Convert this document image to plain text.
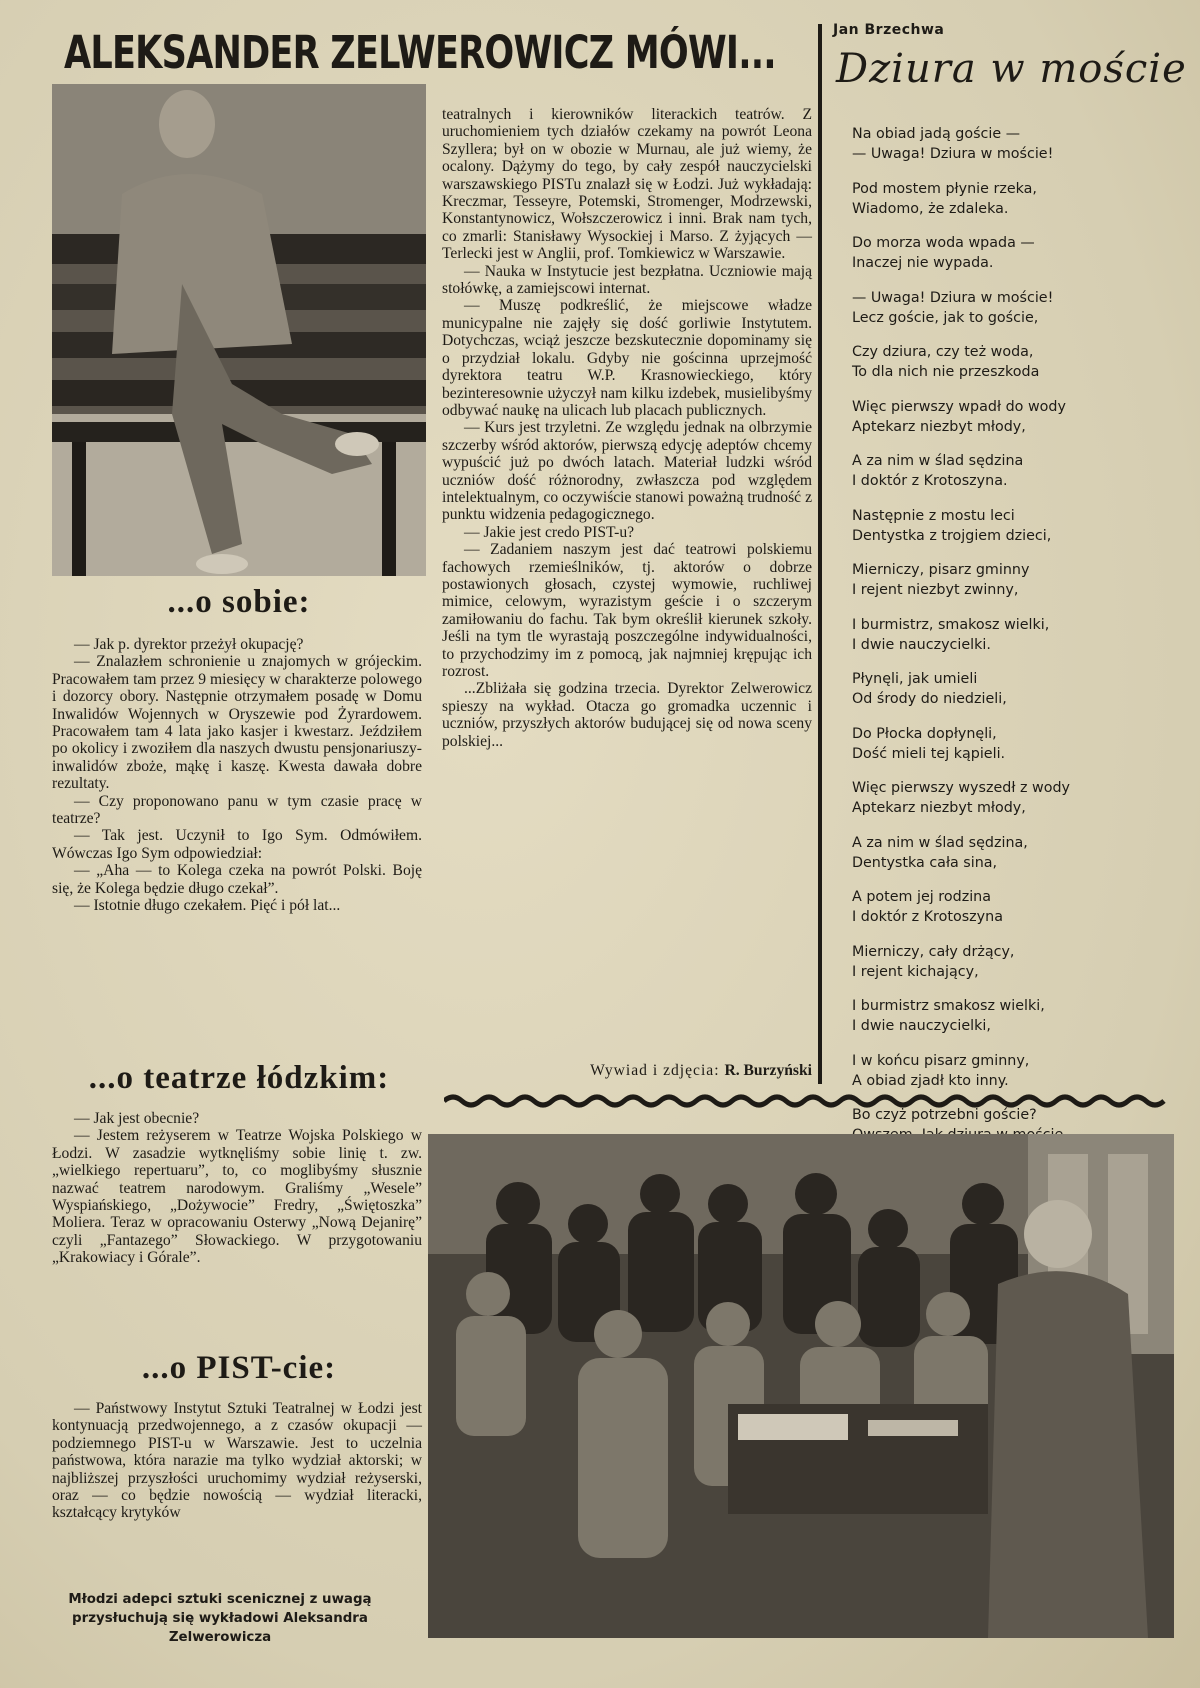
ALEKSANDER ZELWEROWICZ MÓWI...
...o sobie:

— Jak p. dyrektor przeżył okupację?

— Znalazłem schronienie u znajomych w grójeckim. Pracowałem tam przez 9 miesięcy w charakterze polowego i dozorcy obory. Następnie otrzymałem posadę w Domu Inwalidów Wojennych w Oryszewie pod Żyrardowem. Pracowałem tam 4 lata jako kasjer i kwestarz. Jeździłem po okolicy i zwoziłem dla naszych dwustu pensjonariuszy-inwalidów zboże, mąkę i kaszę. Kwesta dawała dobre rezultaty.

— Czy proponowano panu w tym czasie pracę w teatrze?

— Tak jest. Uczynił to Igo Sym. Odmówiłem. Wówczas Igo Sym odpowiedział:

— „Aha — to Kolega czeka na powrót Polski. Boję się, że Kolega będzie długo czekał”.

— Istotnie długo czekałem. Pięć i pół lat...

...o teatrze łódzkim:

— Jak jest obecnie?

— Jestem reżyserem w Teatrze Wojska Polskiego w Łodzi. W zasadzie wytknęliśmy sobie linię t. zw. „wielkiego repertuaru”, to, co moglibyśmy słusznie nazwać teatrem narodowym. Graliśmy „Wesele” Wyspiańskiego, „Dożywocie” Fredry, „Świętoszka” Moliera. Teraz w opracowaniu Osterwy „Nową Dejanirę” czyli „Fantazego” Słowackiego. W przygotowaniu „Krakowiacy i Górale”.

...o PIST-cie:

— Państwowy Instytut Sztuki Teatralnej w Łodzi jest kontynuacją przedwojennego, a z czasów okupacji — podziemnego PIST-u w Warszawie. Jest to uczelnia państwowa, która narazie ma tylko wydział aktorski; w najbliższej przyszłości uruchomimy wydział reżyserski, oraz — co będzie nowością — wydział literacki, kształcący krytyków

Młodzi adepci sztuki scenicznej z uwagą przysłuchują się wykładowi Aleksandra Zelwerowicza

teatralnych i kierowników literackich teatrów. Z uruchomieniem tych działów czekamy na powrót Leona Szyllera; był on w obozie w Murnau, ale już wiemy, że ocalony. Dążymy do tego, by cały zespół nauczycielski warszawskiego PISTu znalazł się w Łodzi. Już wykładają: Kreczmar, Tesseyre, Potemski, Stromenger, Modrzewski, Konstantynowicz, Wołszczerowicz i inni. Brak nam tych, co zmarli: Stanisławy Wysockiej i Marso. Z żyjących — Terlecki jest w Anglii, prof. Tomkiewicz w Warszawie.

— Nauka w Instytucie jest bezpłatna. Uczniowie mają stołówkę, a zamiejscowi internat.

— Muszę podkreślić, że miejscowe władze municypalne nie zajęły się dość gorliwie Instytutem. Dotychczas, wciąż jeszcze bezskutecznie dopominamy się o przydział lokalu. Gdyby nie gościnna uprzejmość dyrektora teatru W.P. Krasnowieckiego, który bezinteresownie użyczył nam kilku izdebek, musielibyśmy odbywać naukę na ulicach lub placach publicznych.

— Kurs jest trzyletni. Ze względu jednak na olbrzymie szczerby wśród aktorów, pierwszą edycję adeptów chcemy wypuścić już po dwóch latach. Materiał ludzki wśród uczniów dość różnorodny, zwłaszcza pod względem intelektualnym, co oczywiście stanowi poważną trudność z punktu widzenia pedagogicznego.

— Jakie jest credo PIST-u?

— Zadaniem naszym jest dać teatrowi polskiemu fachowych rzemieślników, tj. aktorów o dobrze postawionych głosach, czystej wymowie, ruchliwej mimice, celowym, wyrazistym geście i o szczerym zamiłowaniu do fachu. Tak bym określił kierunek szkoły. Jeśli na tym tle wyrastają poszczególne indywidualności, to przychodzimy im z pomocą, jak najmniej krępując ich rozrost.

...Zbliżała się godzina trzecia. Dyrektor Zelwerowicz spieszy na wykład. Otacza go gromadka uczennic i uczniów, przyszłych aktorów budującej się od nowa sceny polskiej...

Wywiad i zdjęcia: R. Burzyński
Jan Brzechwa
Dziura w moście
Na obiad jadą goście —
— Uwaga! Dziura w moście!
Pod mostem płynie rzeka,
Wiadomo, że zdaleka.
Do morza woda wpada —
Inaczej nie wypada.
— Uwaga! Dziura w moście!
Lecz goście, jak to goście,
Czy dziura, czy też woda,
To dla nich nie przeszkoda
Więc pierwszy wpadł do wody
Aptekarz niezbyt młody,
A za nim w ślad sędzina
I doktór z Krotoszyna.
Następnie z mostu leci
Dentystka z trojgiem dzieci,
Mierniczy, pisarz gminny
I rejent niezbyt zwinny,
I burmistrz, smakosz wielki,
I dwie nauczycielki.
Płynęli, jak umieli
Od środy do niedzieli,
Do Płocka dopłynęli,
Dość mieli tej kąpieli.
Więc pierwszy wyszedł z wody
Aptekarz niezbyt młody,
A za nim w ślad sędzina,
Dentystka cała sina,
A potem jej rodzina
I doktór z Krotoszyna
Mierniczy, cały drżący,
I rejent kichający,
I burmistrz smakosz wielki,
I dwie nauczycielki,
I w końcu pisarz gminny,
A obiad zjadł kto inny.
Bo czyż potrzebni goście?
